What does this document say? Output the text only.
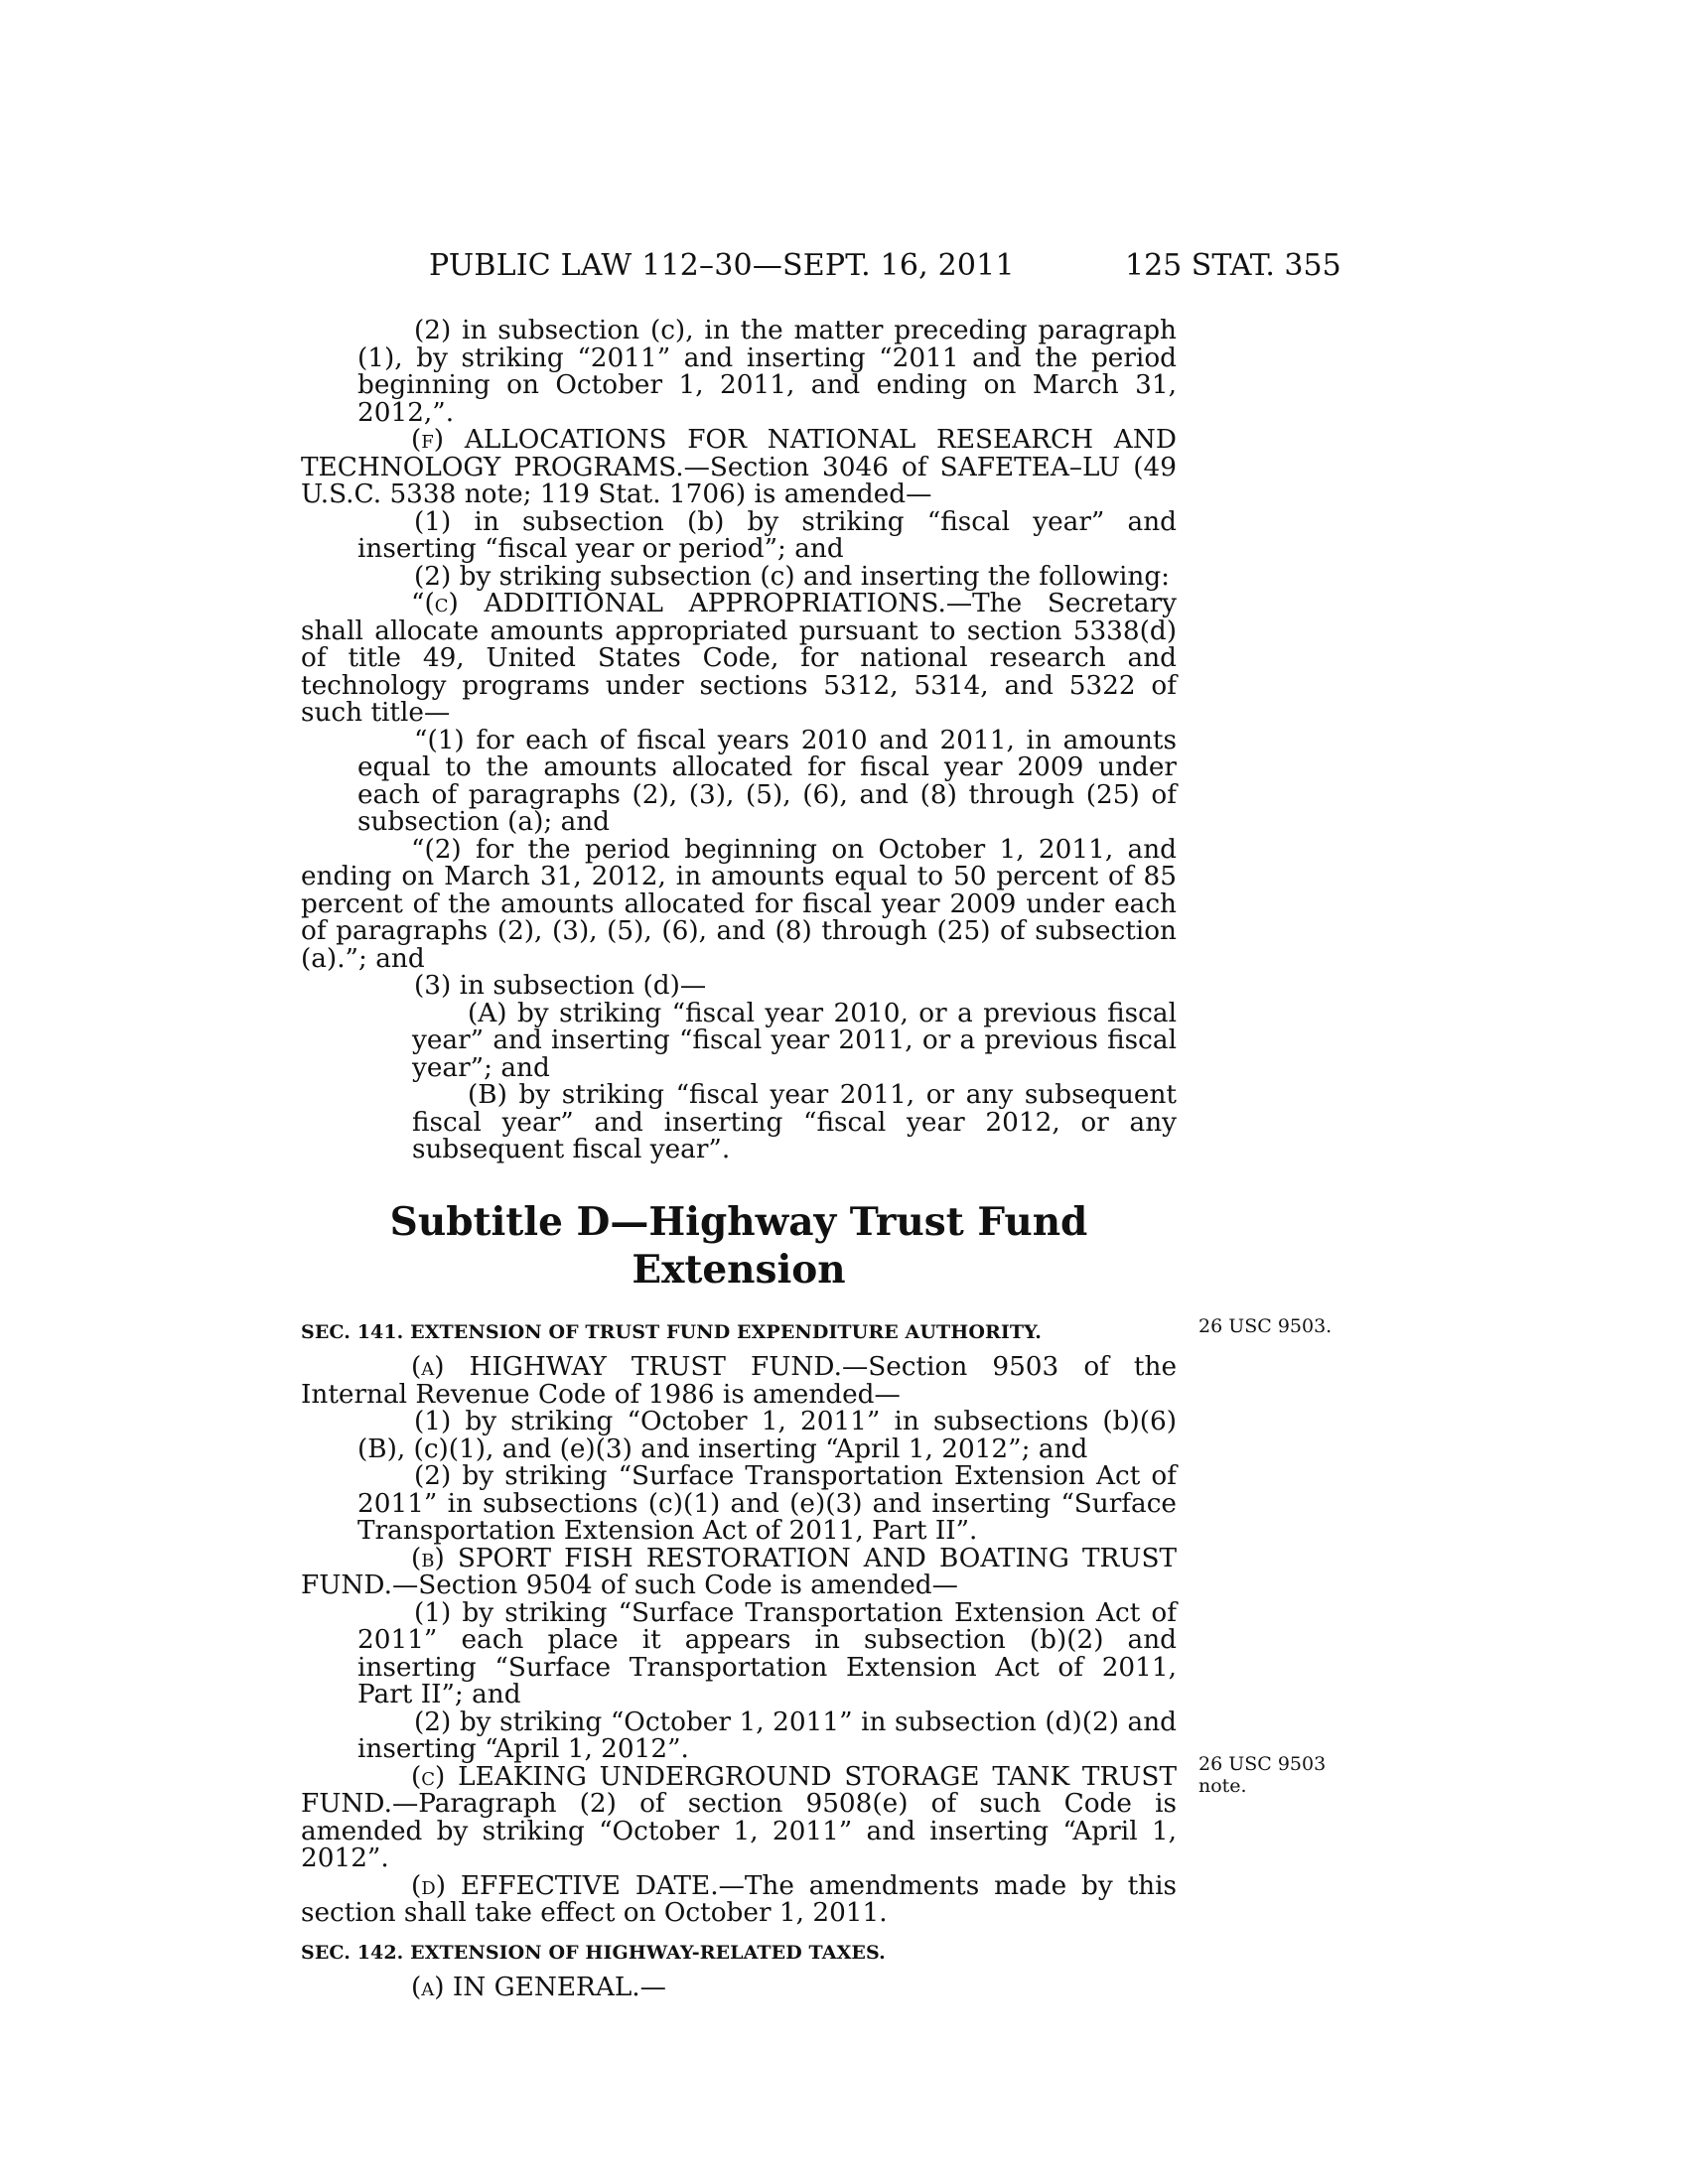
PUBLIC LAW 112–30—SEPT. 16, 2011	125 STAT. 355

(2) in subsection (c), in the matter preceding paragraph (1), by striking “2011” and inserting “2011 and the period beginning on October 1, 2011, and ending on March 31, 2012,”.

(f) ALLOCATIONS FOR NATIONAL RESEARCH AND TECHNOLOGY PROGRAMS.—Section 3046 of SAFETEA–LU (49 U.S.C. 5338 note; 119 Stat. 1706) is amended—

(1) in subsection (b) by striking “fiscal year” and inserting “fiscal year or period”; and

(2) by striking subsection (c) and inserting the following:

“(c) ADDITIONAL APPROPRIATIONS.—The Secretary shall allocate amounts appropriated pursuant to section 5338(d) of title 49, United States Code, for national research and technology programs under sections 5312, 5314, and 5322 of such title—

“(1) for each of fiscal years 2010 and 2011, in amounts equal to the amounts allocated for fiscal year 2009 under each of paragraphs (2), (3), (5), (6), and (8) through (25) of subsection (a); and

“(2) for the period beginning on October 1, 2011, and ending on March 31, 2012, in amounts equal to 50 percent of 85 percent of the amounts allocated for fiscal year 2009 under each of paragraphs (2), (3), (5), (6), and (8) through (25) of subsection (a).”; and

(3) in subsection (d)—

(A) by striking “fiscal year 2010, or a previous fiscal year” and inserting “fiscal year 2011, or a previous fiscal year”; and

(B) by striking “fiscal year 2011, or any subsequent fiscal year” and inserting “fiscal year 2012, or any subsequent fiscal year”.

Subtitle D—Highway Trust Fund
Extension
SEC. 141. EXTENSION OF TRUST FUND EXPENDITURE AUTHORITY.

(a) HIGHWAY TRUST FUND.—Section 9503 of the Internal Revenue Code of 1986 is amended—

(1) by striking “October 1, 2011” in subsections (b)(6)(B), (c)(1), and (e)(3) and inserting “April 1, 2012”; and

(2) by striking “Surface Transportation Extension Act of 2011” in subsections (c)(1) and (e)(3) and inserting “Surface Transportation Extension Act of 2011, Part II”.

(b) SPORT FISH RESTORATION AND BOATING TRUST FUND.—Section 9504 of such Code is amended—

(1) by striking “Surface Transportation Extension Act of 2011” each place it appears in subsection (b)(2) and inserting “Surface Transportation Extension Act of 2011, Part II”; and

(2) by striking “October 1, 2011” in subsection (d)(2) and inserting “April 1, 2012”.

(c) LEAKING UNDERGROUND STORAGE TANK TRUST FUND.—Paragraph (2) of section 9508(e) of such Code is amended by striking “October 1, 2011” and inserting “April 1, 2012”.

(d) EFFECTIVE DATE.—The amendments made by this section shall take effect on October 1, 2011.

SEC. 142. EXTENSION OF HIGHWAY-RELATED TAXES.

(a) IN GENERAL.—

26 USC 9503.
26 USC 9503
note.
